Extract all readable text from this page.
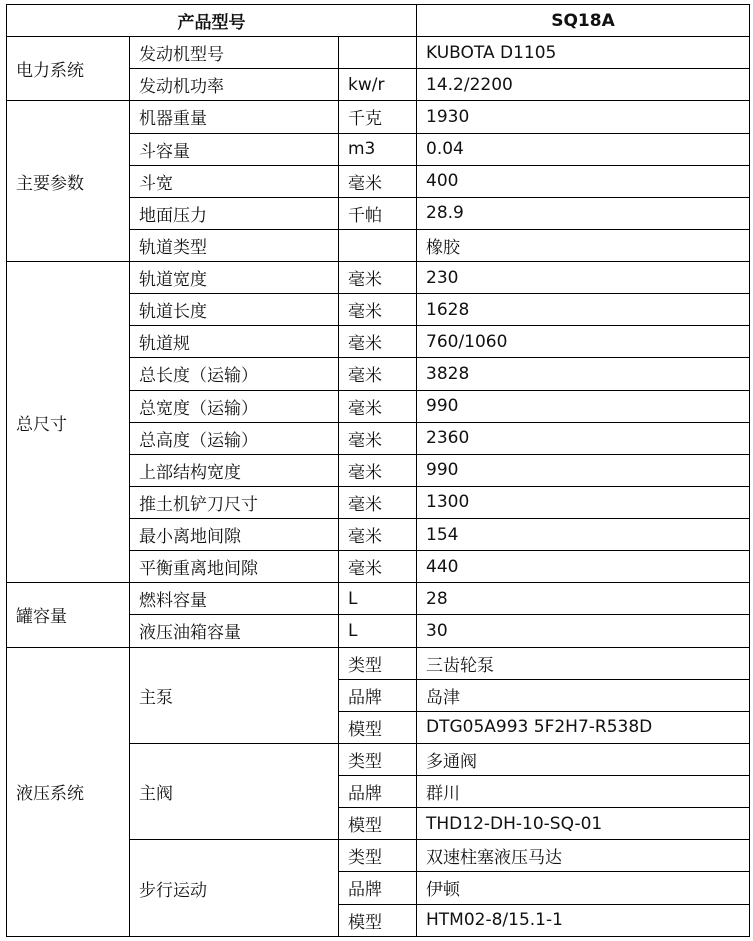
产品型号			SQ18A
电力系统	发动机型号		KUBOTA D1105
	发动机功率	kw/r	14.2/2200
主要参数	机器重量	千克	1930
	斗容量	m3	0.04
	斗宽	毫米	400
	地面压力	千帕	28.9
	轨道类型		橡胶
总尺寸	轨道宽度	毫米	230
	轨道长度	毫米	1628
	轨道规	毫米	760/1060
	总长度（运输）	毫米	3828
	总宽度（运输）	毫米	990
	总高度（运输）	毫米	2360
	上部结构宽度	毫米	990
	推土机铲刀尺寸	毫米	1300
	最小离地间隙	毫米	154
	平衡重离地间隙	毫米	440
罐容量	燃料容量	L	28
	液压油箱容量	L	30
液压系统	主泵	类型	三齿轮泵
		品牌	岛津
		模型	DTG05A993 5F2H7-R538D
	主阀	类型	多通阀
		品牌	群川
		模型	THD12-DH-10-SQ-01
	步行运动	类型	双速柱塞液压马达
		品牌	伊顿
		模型	HTM02-8/15.1-1
